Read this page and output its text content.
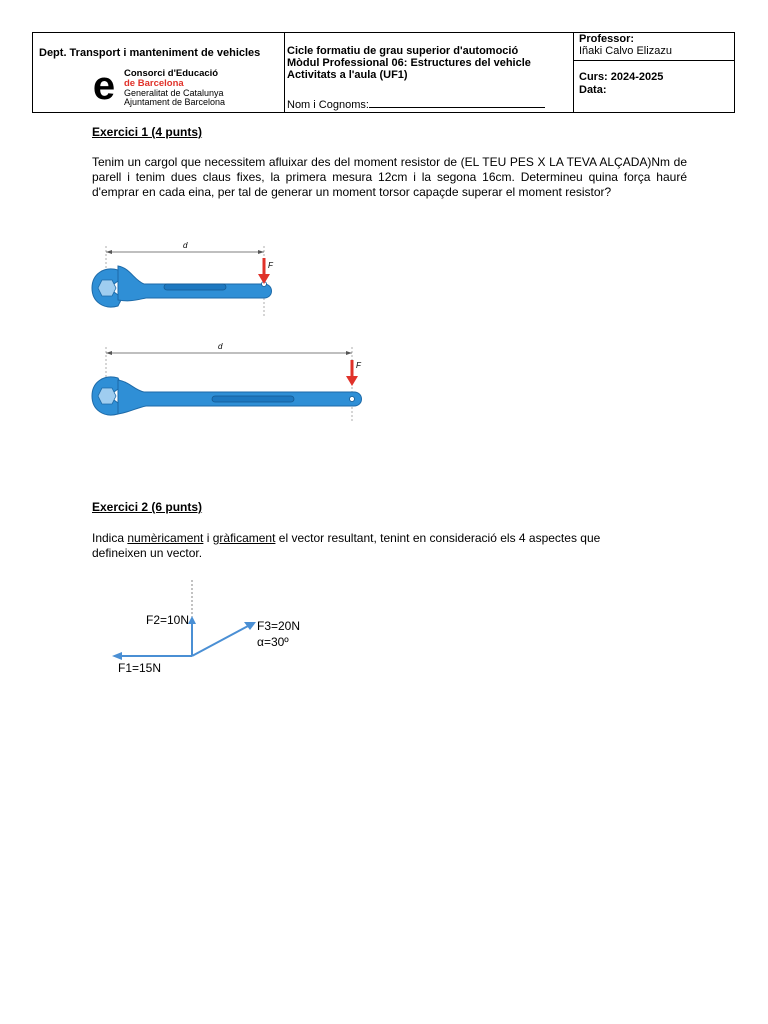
Dept. Transport i manteniment de vehicles
e Consorci d'Educació
de Barcelona
Generalitat de Catalunya
Ajuntament de Barcelona
Cicle formatiu de grau superior d'automoció
Mòdul Professional 06: Estructures del vehicle
Activitats a l'aula (UF1)
Nom i Cognoms:
Professor:
Iñaki Calvo Elizazu
Curs: 2024-2025
Data:
Exercici 1 (4 punts)
Tenim un cargol que necessitem afluixar des del moment resistor de (EL TEU PES X LA TEVA ALÇADA)Nm de parell i tenim dues claus fixes, la primera mesura 12cm i la segona 16cm. Determineu quina força hauré d'emprar en cada eina, per tal de generar un moment torsor capaçde superar el moment resistor?
d
F
d
F
Exercici 2 (6 punts)
Indica numèricament i gràficament el vector resultant, tenint en consideració els 4 aspectes que defineixen un vector.
F2=10N
F1=15N
F3=20N
α=30º
